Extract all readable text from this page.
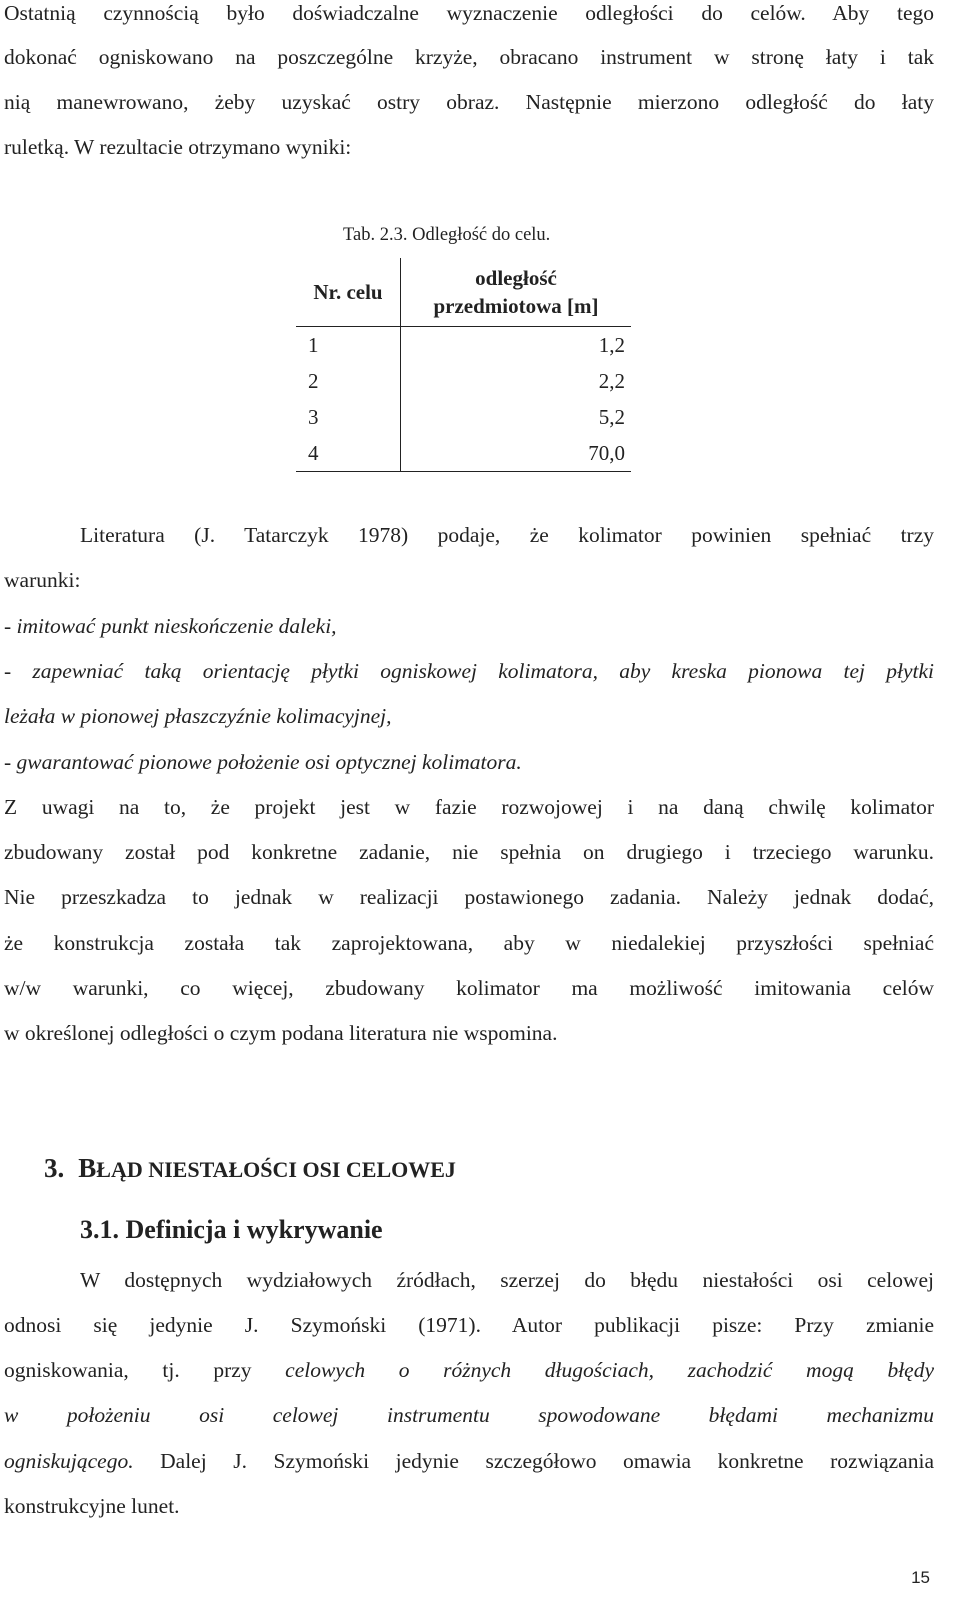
Ostatnią czynnością było doświadczalne wyznaczenie odległości do celów. Aby tego

dokonać ogniskowano na poszczególne krzyże, obracano instrument w stronę łaty i tak

nią manewrowano, żeby uzyskać ostry obraz. Następnie mierzono odległość do łaty

ruletką. W rezultacie otrzymano wyniki:

Tab. 2.3. Odległość do celu.
Nr. celu	odległość
przedmiotowa [m]

1	1,2
2	2,2
3	5,2
4	70,0

Literatura (J. Tatarczyk 1978) podaje, że kolimator powinien spełniać trzy

warunki:

- imitować punkt nieskończenie daleki,

- zapewniać taką orientację płytki ogniskowej kolimatora, aby kreska pionowa tej płytki

leżała w pionowej płaszczyźnie kolimacyjnej,

- gwarantować pionowe położenie osi optycznej kolimatora.

Z uwagi na to, że projekt jest w fazie rozwojowej i na daną chwilę kolimator

zbudowany został pod konkretne zadanie, nie spełnia on drugiego i trzeciego warunku.

Nie przeszkadza to jednak w realizacji postawionego zadania. Należy jednak dodać,

że konstrukcja została tak zaprojektowana, aby w niedalekiej przyszłości spełniać

w/w warunki, co więcej, zbudowany kolimator ma możliwość imitowania celów

w określonej odległości o czym podana literatura nie wspomina.

3. BŁĄD NIESTAŁOŚCI OSI CELOWEJ
3.1. Definicja i wykrywanie

W dostępnych wydziałowych źródłach, szerzej do błędu niestałości osi celowej

odnosi się jedynie J. Szymoński (1971). Autor publikacji pisze: Przy zmianie

ogniskowania, tj. przy celowych o różnych długościach, zachodzić mogą błędy

w położeniu osi celowej instrumentu spowodowane błędami mechanizmu

ogniskującego. Dalej J. Szymoński jedynie szczegółowo omawia konkretne rozwiązania

konstrukcyjne lunet.

15
